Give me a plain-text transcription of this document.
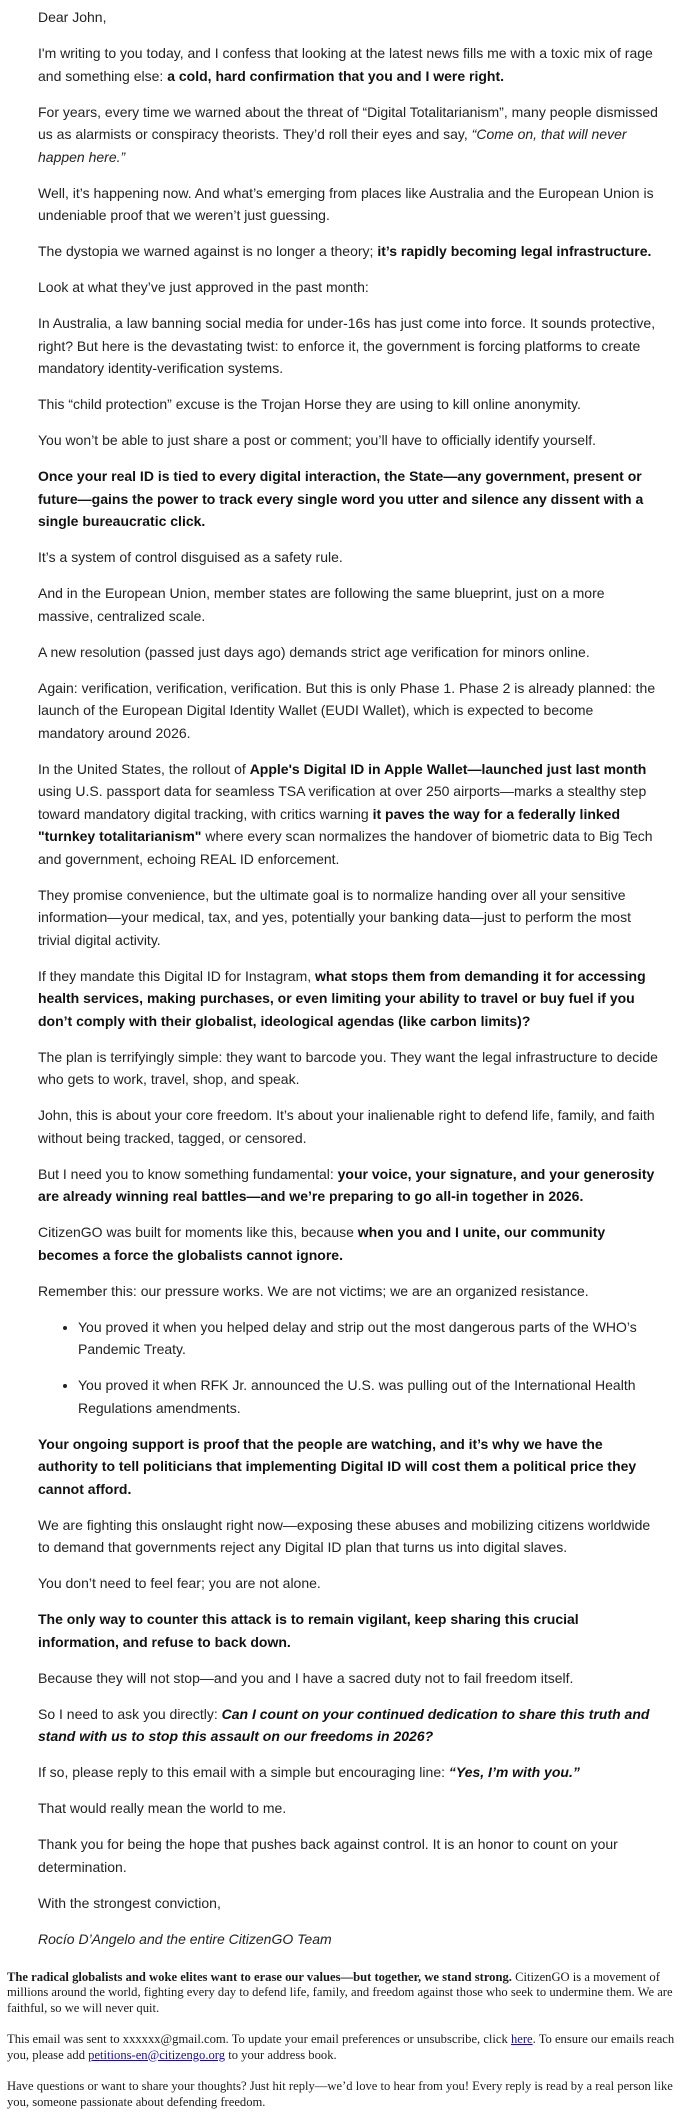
Dear John,

I'm writing to you today, and I confess that looking at the latest news fills me with a toxic mix of rage and something else: a cold, hard confirmation that you and I were right.

For years, every time we warned about the threat of “Digital Totalitarianism”, many people dismissed us as alarmists or conspiracy theorists. They’d roll their eyes and say, “Come on, that will never happen here.”

Well, it’s happening now. And what’s emerging from places like Australia and the European Union is undeniable proof that we weren’t just guessing.

The dystopia we warned against is no longer a theory; it’s rapidly becoming legal infrastructure.

Look at what they’ve just approved in the past month:

In Australia, a law banning social media for under-16s has just come into force. It sounds protective, right? But here is the devastating twist: to enforce it, the government is forcing platforms to create mandatory identity-verification systems.

This “child protection” excuse is the Trojan Horse they are using to kill online anonymity.

You won’t be able to just share a post or comment; you’ll have to officially identify yourself.

Once your real ID is tied to every digital interaction, the State—any government, present or future—gains the power to track every single word you utter and silence any dissent with a single bureaucratic click.

It’s a system of control disguised as a safety rule.

And in the European Union, member states are following the same blueprint, just on a more massive, centralized scale.

A new resolution (passed just days ago) demands strict age verification for minors online.

Again: verification, verification, verification. But this is only Phase 1. Phase 2 is already planned: the launch of the European Digital Identity Wallet (EUDI Wallet), which is expected to become mandatory around 2026.

In the United States, the rollout of Apple's Digital ID in Apple Wallet—launched just last month using U.S. passport data for seamless TSA verification at over 250 airports—marks a stealthy step toward mandatory digital tracking, with critics warning it paves the way for a federally linked "turnkey totalitarianism" where every scan normalizes the handover of biometric data to Big Tech and government, echoing REAL ID enforcement.

They promise convenience, but the ultimate goal is to normalize handing over all your sensitive information—your medical, tax, and yes, potentially your banking data—just to perform the most trivial digital activity.

If they mandate this Digital ID for Instagram, what stops them from demanding it for accessing health services, making purchases, or even limiting your ability to travel or buy fuel if you don’t comply with their globalist, ideological agendas (like carbon limits)?

The plan is terrifyingly simple: they want to barcode you. They want the legal infrastructure to decide who gets to work, travel, shop, and speak.

John, this is about your core freedom. It’s about your inalienable right to defend life, family, and faith without being tracked, tagged, or censored.

But I need you to know something fundamental: your voice, your signature, and your generosity are already winning real battles—and we’re preparing to go all-in together in 2026.

CitizenGO was built for moments like this, because when you and I unite, our community becomes a force the globalists cannot ignore.

Remember this: our pressure works. We are not victims; we are an organized resistance.

• You proved it when you helped delay and strip out the most dangerous parts of the WHO’s Pandemic Treaty.
• You proved it when RFK Jr. announced the U.S. was pulling out of the International Health Regulations amendments.

Your ongoing support is proof that the people are watching, and it’s why we have the authority to tell politicians that implementing Digital ID will cost them a political price they cannot afford.

We are fighting this onslaught right now—exposing these abuses and mobilizing citizens worldwide to demand that governments reject any Digital ID plan that turns us into digital slaves.

You don’t need to feel fear; you are not alone.

The only way to counter this attack is to remain vigilant, keep sharing this crucial information, and refuse to back down.

Because they will not stop—and you and I have a sacred duty not to fail freedom itself.

So I need to ask you directly: Can I count on your continued dedication to share this truth and stand with us to stop this assault on our freedoms in 2026?

If so, please reply to this email with a simple but encouraging line: “Yes, I’m with you.”

That would really mean the world to me.

Thank you for being the hope that pushes back against control. It is an honor to count on your determination.

With the strongest conviction,

Rocío D’Angelo and the entire CitizenGO Team

The radical globalists and woke elites want to erase our values—but together, we stand strong. CitizenGO is a movement of millions around the world, fighting every day to defend life, family, and freedom against those who seek to undermine them. We are faithful, so we will never quit.

This email was sent to xxxxxx@gmail.com. To update your email preferences or unsubscribe, click here. To ensure our emails reach you, please add petitions-en@citizengo.org to your address book.

Have questions or want to share your thoughts? Just hit reply—we’d love to hear from you! Every reply is read by a real person like you, someone passionate about defending freedom.
